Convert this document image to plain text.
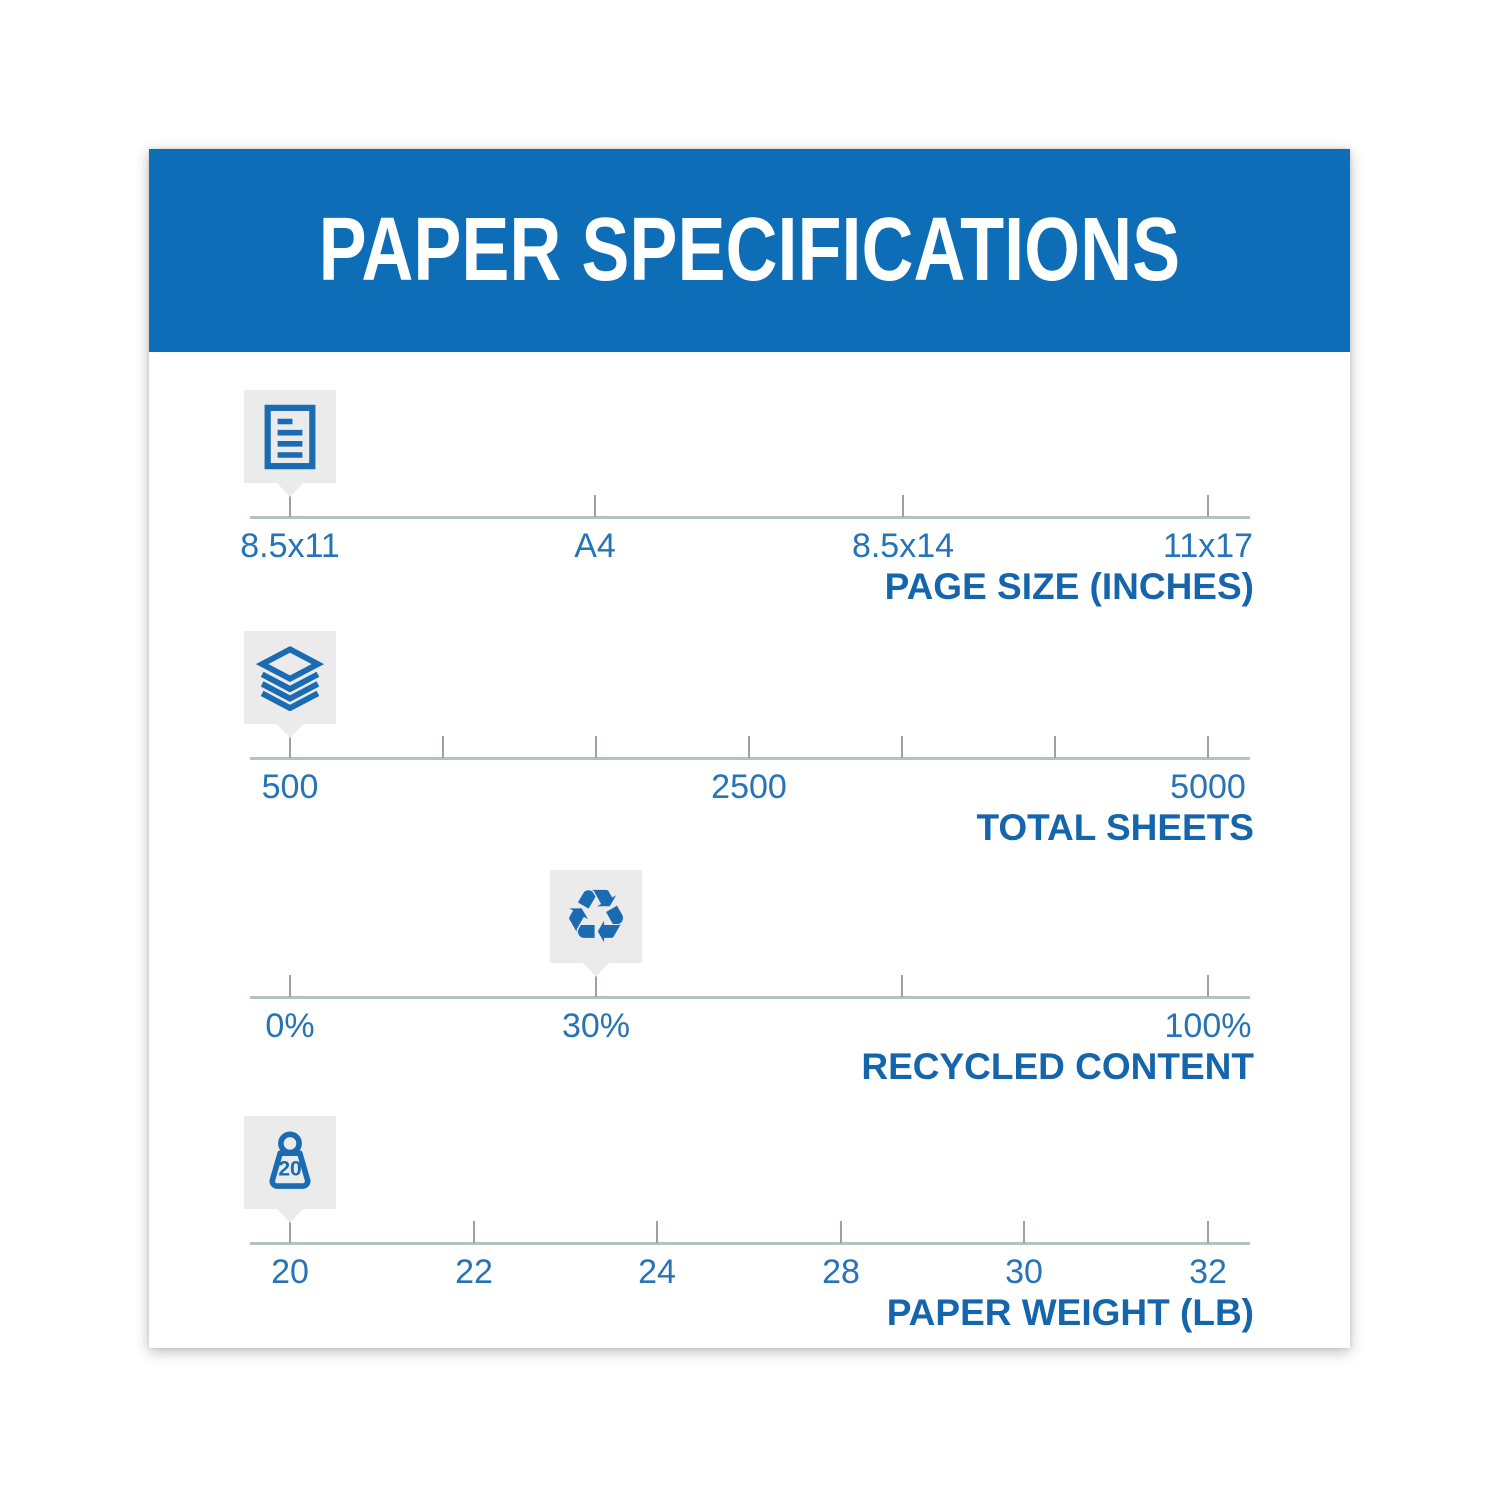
PAPER SPECIFICATIONS
8.5x11	A4	8.5x14	11x17
PAGE SIZE (INCHES)
500	2500	5000
TOTAL SHEETS
0%	30%	100%
RECYCLED CONTENT
♻
20	22	24	28	30	32
PAPER WEIGHT (LB)
20
